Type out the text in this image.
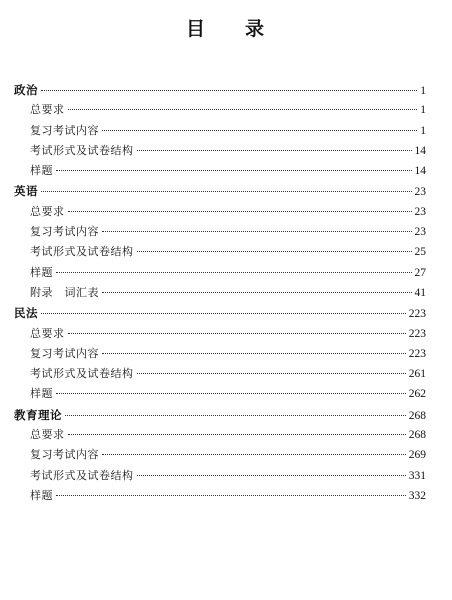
目 录
政治	1
总要求	1
复习考试内容	1
考试形式及试卷结构	14
样题	14
英语	23
总要求	23
复习考试内容	23
考试形式及试卷结构	25
样题	27
附录　词汇表	41
民法	223
总要求	223
复习考试内容	223
考试形式及试卷结构	261
样题	262
教育理论	268
总要求	268
复习考试内容	269
考试形式及试卷结构	331
样题	332
